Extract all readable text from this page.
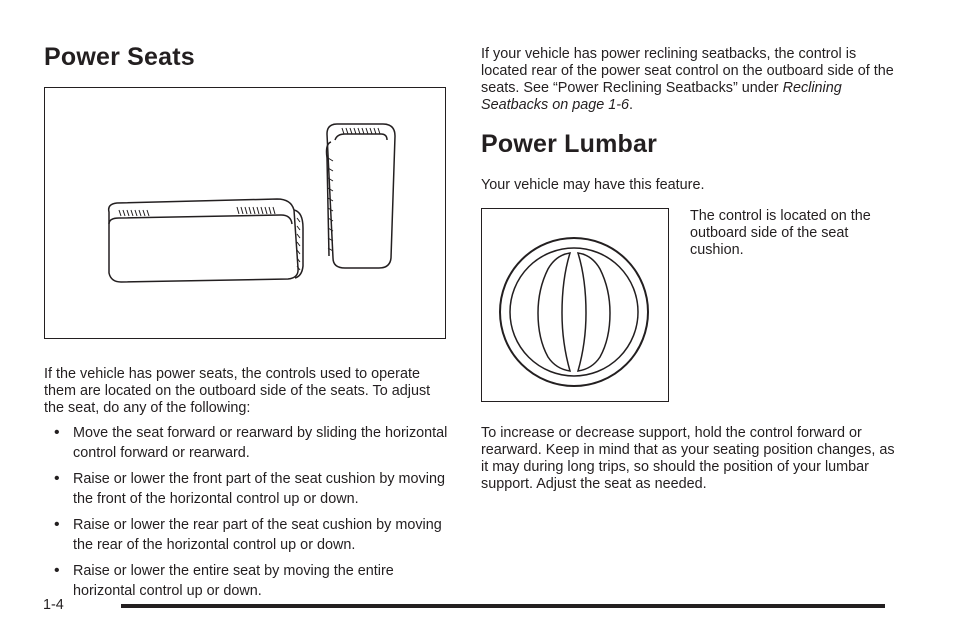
Power Seats

If the vehicle has power seats, the controls used to operate them are located on the outboard side of the seats. To adjust the seat, do any of the following:

• Move the seat forward or rearward by sliding the horizontal control forward or rearward.
• Raise or lower the front part of the seat cushion by moving the front of the horizontal control up or down.
• Raise or lower the rear part of the seat cushion by moving the rear of the horizontal control up or down.
• Raise or lower the entire seat by moving the entire horizontal control up or down.

If your vehicle has power reclining seatbacks, the control is located rear of the power seat control on the outboard side of the seats. See “Power Reclining Seatbacks” under Reclining Seatbacks on page 1-6.

Power Lumbar

Your vehicle may have this feature.

The control is located on the outboard side of the seat cushion.

To increase or decrease support, hold the control forward or rearward. Keep in mind that as your seating position changes, as it may during long trips, so should the position of your lumbar support. Adjust the seat as needed.

1-4
